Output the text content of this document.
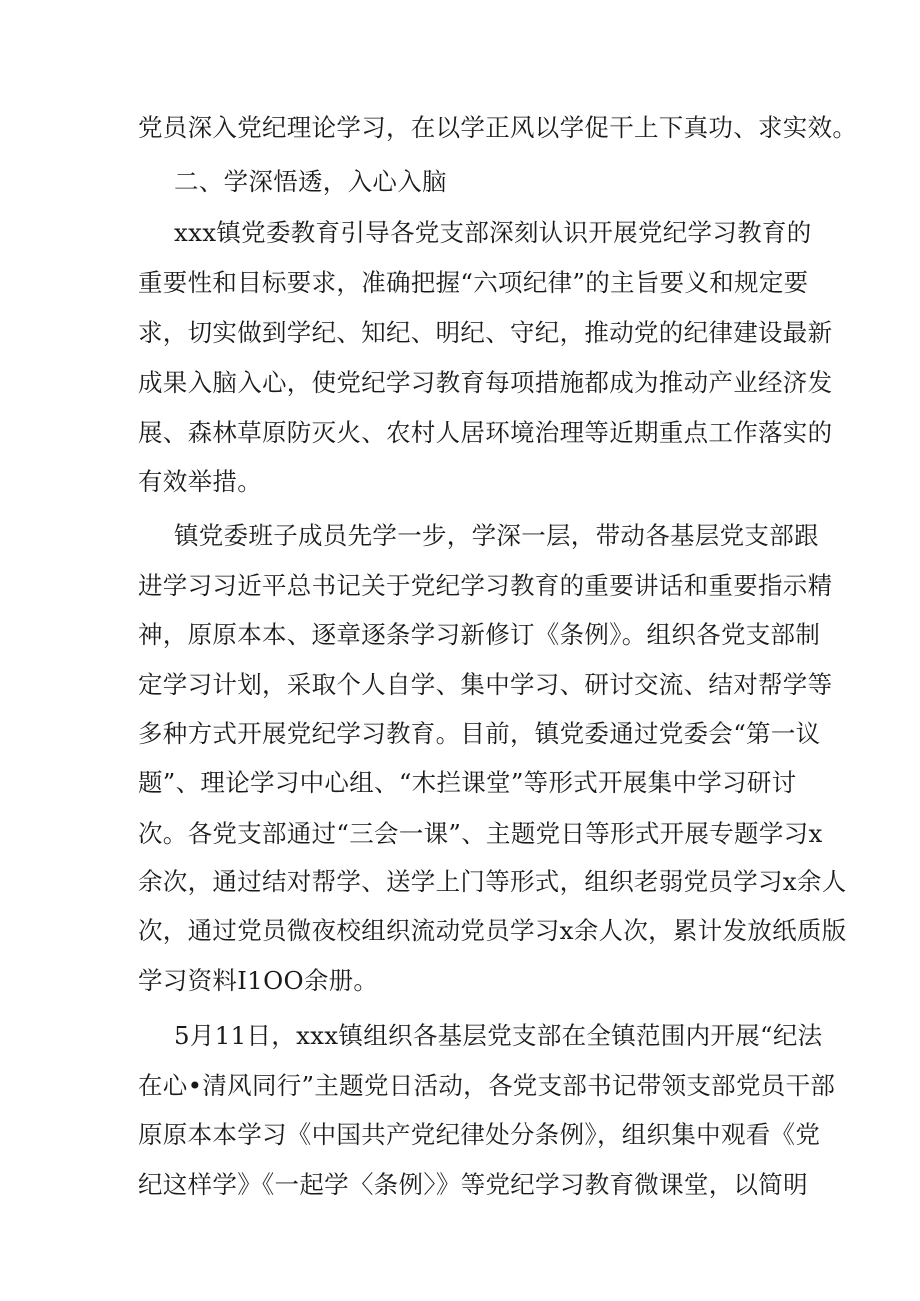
党员深入党纪理论学习，在以学正风以学促干上下真功、求实效。
二、学深悟透，入心入脑
xxx镇党委教育引导各党支部深刻认识开展党纪学习教育的
重要性和目标要求，准确把握“六项纪律”的主旨要义和规定要
求，切实做到学纪、知纪、明纪、守纪，推动党的纪律建设最新
成果入脑入心，使党纪学习教育每项措施都成为推动产业经济发
展、森林草原防灭火、农村人居环境治理等近期重点工作落实的
有效举措。
镇党委班子成员先学一步，学深一层，带动各基层党支部跟
进学习习近平总书记关于党纪学习教育的重要讲话和重要指示精
神，原原本本、逐章逐条学习新修订《条例》。组织各党支部制
定学习计划，采取个人自学、集中学习、研讨交流、结对帮学等
多种方式开展党纪学习教育。目前，镇党委通过党委会“第一议
题”、理论学习中心组、“木拦课堂”等形式开展集中学习研讨
次。各党支部通过“三会一课”、主题党日等形式开展专题学习x
余次，通过结对帮学、送学上门等形式，组织老弱党员学习x余人
次，通过党员微夜校组织流动党员学习x余人次，累计发放纸质版
学习资料I1OO余册。
5月11日，xxx镇组织各基层党支部在全镇范围内开展“纪法
在心•清风同行”主题党日活动，各党支部书记带领支部党员干部
原原本本学习《中国共产党纪律处分条例》，组织集中观看《党
纪这样学》《一起学〈条例〉》等党纪学习教育微课堂，以简明
